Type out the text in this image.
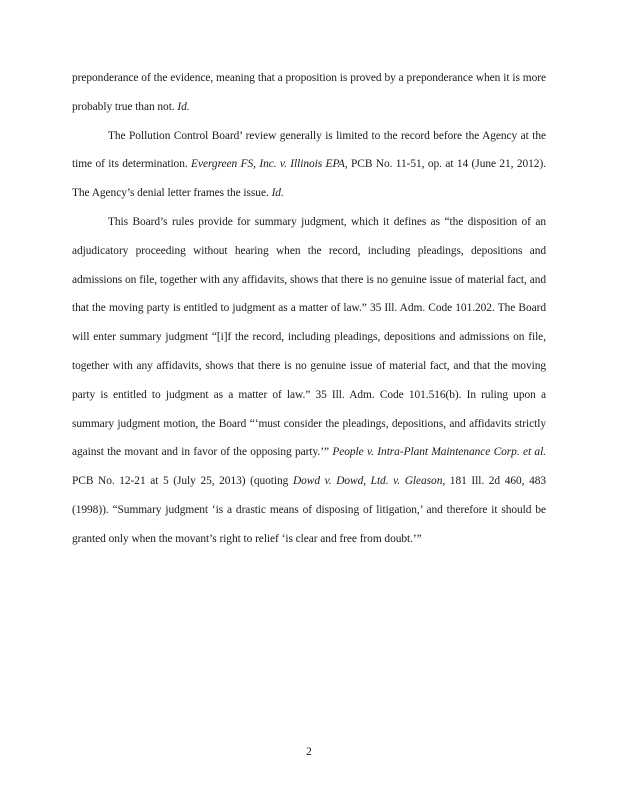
preponderance of the evidence, meaning that a proposition is proved by a preponderance when it is more probably true than not. Id.

The Pollution Control Board’ review generally is limited to the record before the Agency at the time of its determination. Evergreen FS, Inc. v. Illinois EPA, PCB No. 11-51, op. at 14 (June 21, 2012). The Agency’s denial letter frames the issue. Id.

This Board’s rules provide for summary judgment, which it defines as “the disposition of an adjudicatory proceeding without hearing when the record, including pleadings, depositions and admissions on file, together with any affidavits, shows that there is no genuine issue of material fact, and that the moving party is entitled to judgment as a matter of law.” 35 Ill. Adm. Code 101.202. The Board will enter summary judgment “[i]f the record, including pleadings, depositions and admissions on file, together with any affidavits, shows that there is no genuine issue of material fact, and that the moving party is entitled to judgment as a matter of law.” 35 Ill. Adm. Code 101.516(b). In ruling upon a summary judgment motion, the Board “‘must consider the pleadings, depositions, and affidavits strictly against the movant and in favor of the opposing party.’” People v. Intra-Plant Maintenance Corp. et al. PCB No. 12-21 at 5 (July 25, 2013) (quoting Dowd v. Dowd, Ltd. v. Gleason, 181 Ill. 2d 460, 483 (1998)). “Summary judgment ‘is a drastic means of disposing of litigation,’ and therefore it should be granted only when the movant’s right to relief ‘is clear and free from doubt.’”

2
